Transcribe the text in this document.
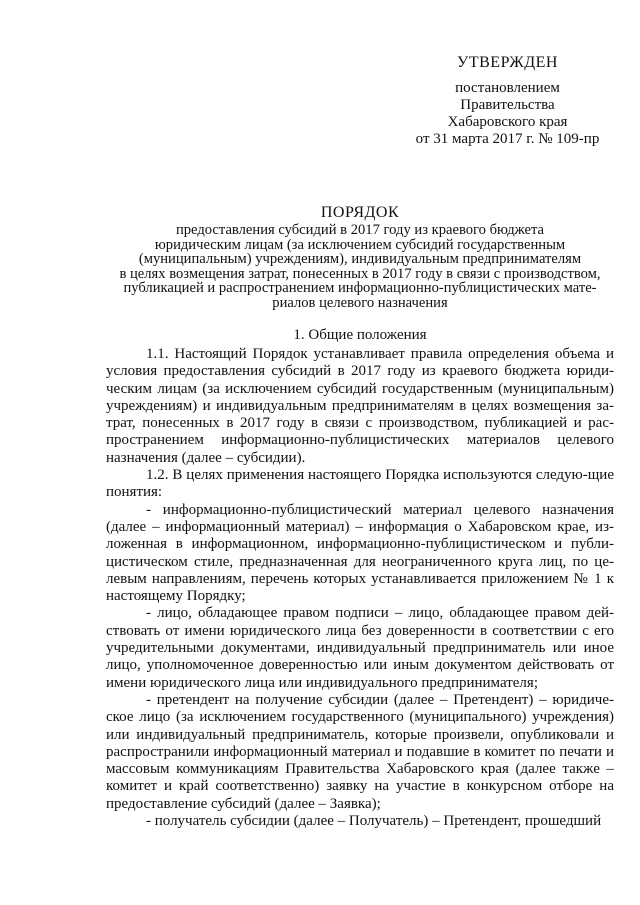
УТВЕРЖДЕН
постановлением
Правительства
Хабаровского края
от 31 марта 2017 г. № 109-пр
ПОРЯДОК
предоставления субсидий в 2017 году из краевого бюджета
юридическим лицам (за исключением субсидий государственным
(муниципальным) учреждениям), индивидуальным предпринимателям
в целях возмещения затрат, понесенных в 2017 году в связи с производством,
публикацией и распространением информационно-публицистических мате-
риалов целевого назначения
1. Общие положения

1.1. Настоящий Порядок устанавливает правила определения объема и условия предоставления субсидий в 2017 году из краевого бюджета юриди-ческим лицам (за исключением субсидий государственным (муниципальным) учреждениям) и индивидуальным предпринимателям в целях возмещения за-трат, понесенных в 2017 году в связи с производством, публикацией и рас-пространением информационно-публицистических материалов целевого назначения (далее – субсидии).

1.2. В целях применения настоящего Порядка используются следую-щие понятия:

- информационно-публицистический материал целевого назначения (далее – информационный материал) – информация о Хабаровском крае, из-ложенная в информационном, информационно-публицистическом и публи-цистическом стиле, предназначенная для неограниченного круга лиц, по це-левым направлениям, перечень которых устанавливается приложением № 1 к настоящему Порядку;

- лицо, обладающее правом подписи – лицо, обладающее правом дей-ствовать от имени юридического лица без доверенности в соответствии с его учредительными документами, индивидуальный предприниматель или иное лицо, уполномоченное доверенностью или иным документом действовать от имени юридического лица или индивидуального предпринимателя;

- претендент на получение субсидии (далее – Претендент) – юридиче-ское лицо (за исключением государственного (муниципального) учреждения) или индивидуальный предприниматель, которые произвели, опубликовали и распространили информационный материал и подавшие в комитет по печати и массовым коммуникациям Правительства Хабаровского края (далее также – комитет и край соответственно) заявку на участие в конкурсном отборе на предоставление субсидий (далее – Заявка);

- получатель субсидии (далее – Получатель) – Претендент, прошедший
